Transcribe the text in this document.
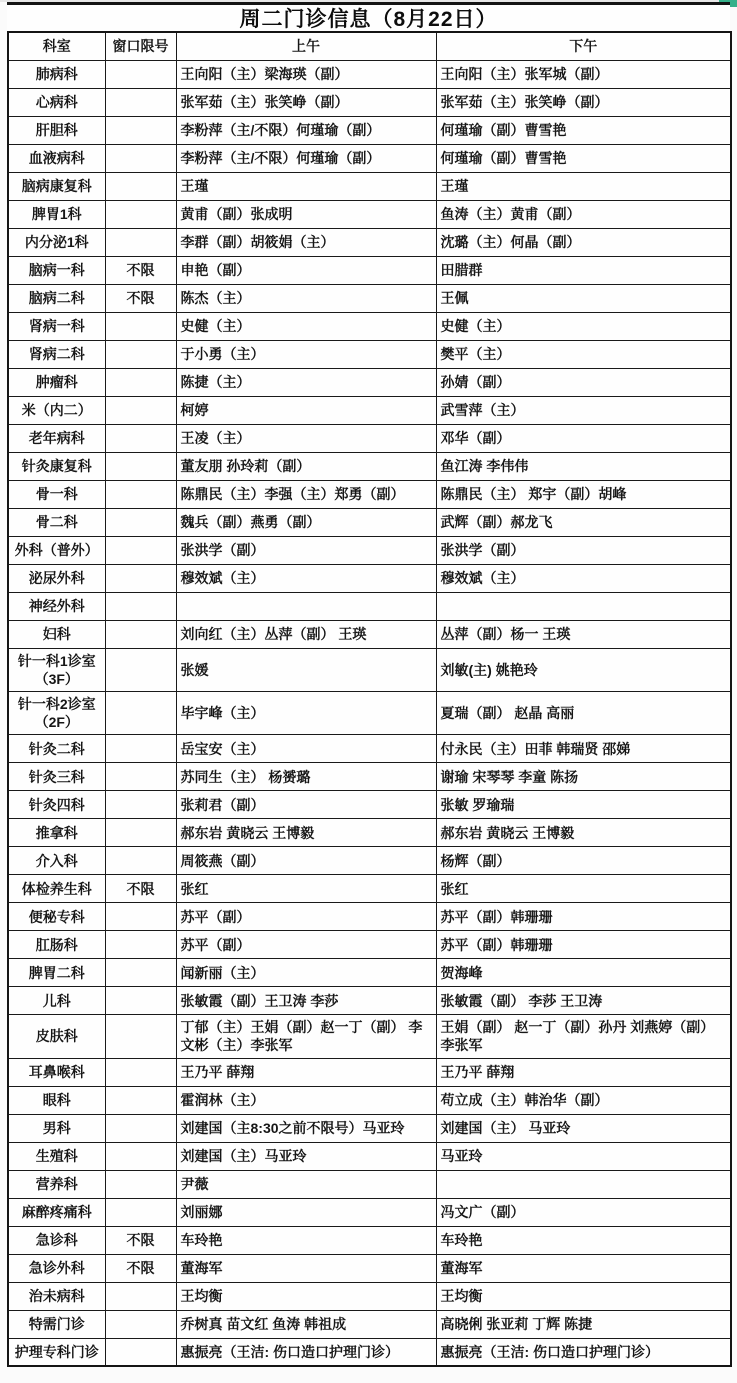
周二门诊信息（8月22日）
科室	窗口限号	上午	下午
肺病科		王向阳（主）梁海瑛（副）	王向阳（主）张军城（副）
心病科		张军茹（主）张笑峥（副）	张军茹（主）张笑峥（副）
肝胆科		李粉萍（主/不限）何瑾瑜（副）	何瑾瑜（副）曹雪艳
血液病科		李粉萍（主/不限）何瑾瑜（副）	何瑾瑜（副）曹雪艳
脑病康复科		王瑾	王瑾
脾胃1科		黄甫（副）张成明	鱼涛（主）黄甫（副）
内分泌1科		李群（副）胡筱娟（主）	沈璐（主）何晶（副）
脑病一科	不限	申艳（副）	田腊群
脑病二科	不限	陈杰（主）	王佩
肾病一科		史健（主）	史健（主）
肾病二科		于小勇（主）	樊平（主）
肿瘤科		陈捷（主）	孙婧（副）
米（内二）		柯婷	武雪萍（主）
老年病科		王凌（主）	邓华（副）
针灸康复科		董友朋 孙玲莉（副）	鱼江涛 李伟伟
骨一科		陈鼎民（主）李强（主）郑勇（副）	陈鼎民（主） 郑宇（副）胡峰
骨二科		魏兵（副）燕勇（副）	武辉（副）郝龙飞
外科（普外）		张洪学（副）	张洪学（副）
泌尿外科		穆效斌（主）	穆效斌（主）
神经外科			
妇科		刘向红（主）丛萍（副） 王瑛	丛萍（副）杨一 王瑛
针一科1诊室（3F）		张媛	刘敏(主) 姚艳玲
针一科2诊室（2F）		毕宇峰（主）	夏瑞（副） 赵晶 高丽
针灸二科		岳宝安（主）	付永民（主）田菲 韩瑞贤 邵娣
针灸三科		苏同生（主） 杨赟璐	谢瑜 宋琴琴 李童 陈扬
针灸四科		张莉君（副）	张敏 罗瑜瑞
推拿科		郝东岩 黄晓云 王博毅	郝东岩 黄晓云 王博毅
介入科		周筱燕（副）	杨辉（副）
体检养生科	不限	张红	张红
便秘专科		苏平（副）	苏平（副）韩珊珊
肛肠科		苏平（副）	苏平（副）韩珊珊
脾胃二科		闻新丽（主）	贺海峰
儿科		张敏霞（副）王卫涛 李莎	张敏霞（副） 李莎 王卫涛
皮肤科		丁郁（主）王娟（副）赵一丁（副） 李文彬（主）李张军	王娟（副） 赵一丁（副）孙丹 刘燕婷（副）李张军
耳鼻喉科		王乃平 薛翔	王乃平 薛翔
眼科		霍润林（主）	苟立成（主）韩治华（副）
男科		刘建国（主8:30之前不限号）马亚玲	刘建国（主） 马亚玲
生殖科		刘建国（主）马亚玲	马亚玲
营养科		尹薇	
麻醉疼痛科		刘丽娜	冯文广（副）
急诊科	不限	车玲艳	车玲艳
急诊外科	不限	董海军	董海军
治未病科		王均衡	王均衡
特需门诊		乔树真 苗文红 鱼涛 韩祖成	高晓俐 张亚莉 丁辉 陈捷
护理专科门诊		惠振亮（王洁: 伤口造口护理门诊）	惠振亮（王洁: 伤口造口护理门诊）
